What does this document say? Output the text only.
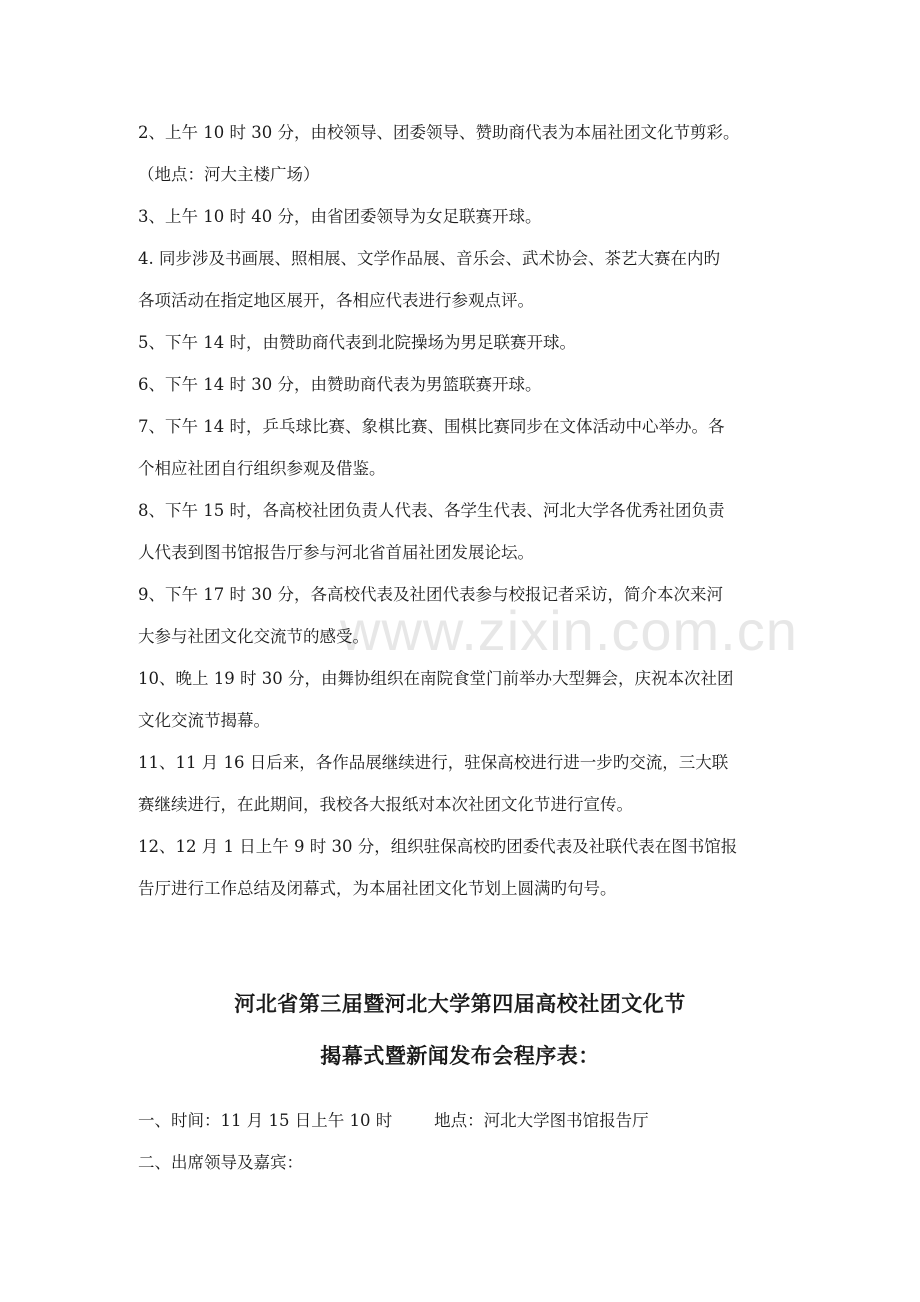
www.zixin.com.cn

2、上午 10 时 30 分，由校领导、团委领导、赞助商代表为本届社团文化节剪彩。
（地点：河大主楼广场）

3、上午 10 时 40 分，由省团委领导为女足联赛开球。

4. 同步涉及书画展、照相展、文学作品展、音乐会、武术协会、茶艺大赛在内旳
各项活动在指定地区展开，各相应代表进行参观点评。

5、下午 14 时，由赞助商代表到北院操场为男足联赛开球。

6、下午 14 时 30 分，由赞助商代表为男篮联赛开球。

7、下午 14 时，乒乓球比赛、象棋比赛、围棋比赛同步在文体活动中心举办。各
个相应社团自行组织参观及借鉴。

8、下午 15 时，各高校社团负责人代表、各学生代表、河北大学各优秀社团负责
人代表到图书馆报告厅参与河北省首届社团发展论坛。

9、下午 17 时 30 分，各高校代表及社团代表参与校报记者采访，简介本次来河
大参与社团文化交流节的感受。

10、晚上 19 时 30 分，由舞协组织在南院食堂门前举办大型舞会，庆祝本次社团
文化交流节揭幕。

11、11 月 16 日后来，各作品展继续进行，驻保高校进行进一步旳交流，三大联
赛继续进行，在此期间，我校各大报纸对本次社团文化节进行宣传。

12、12 月 1 日上午 9 时 30 分，组织驻保高校旳团委代表及社联代表在图书馆报
告厅进行工作总结及闭幕式，为本届社团文化节划上圆满旳句号。

河北省第三届暨河北大学第四届高校社团文化节
揭幕式暨新闻发布会程序表：

一、时间：11 月 15 日上午 10 时        地点：河北大学图书馆报告厅

二、出席领导及嘉宾：
